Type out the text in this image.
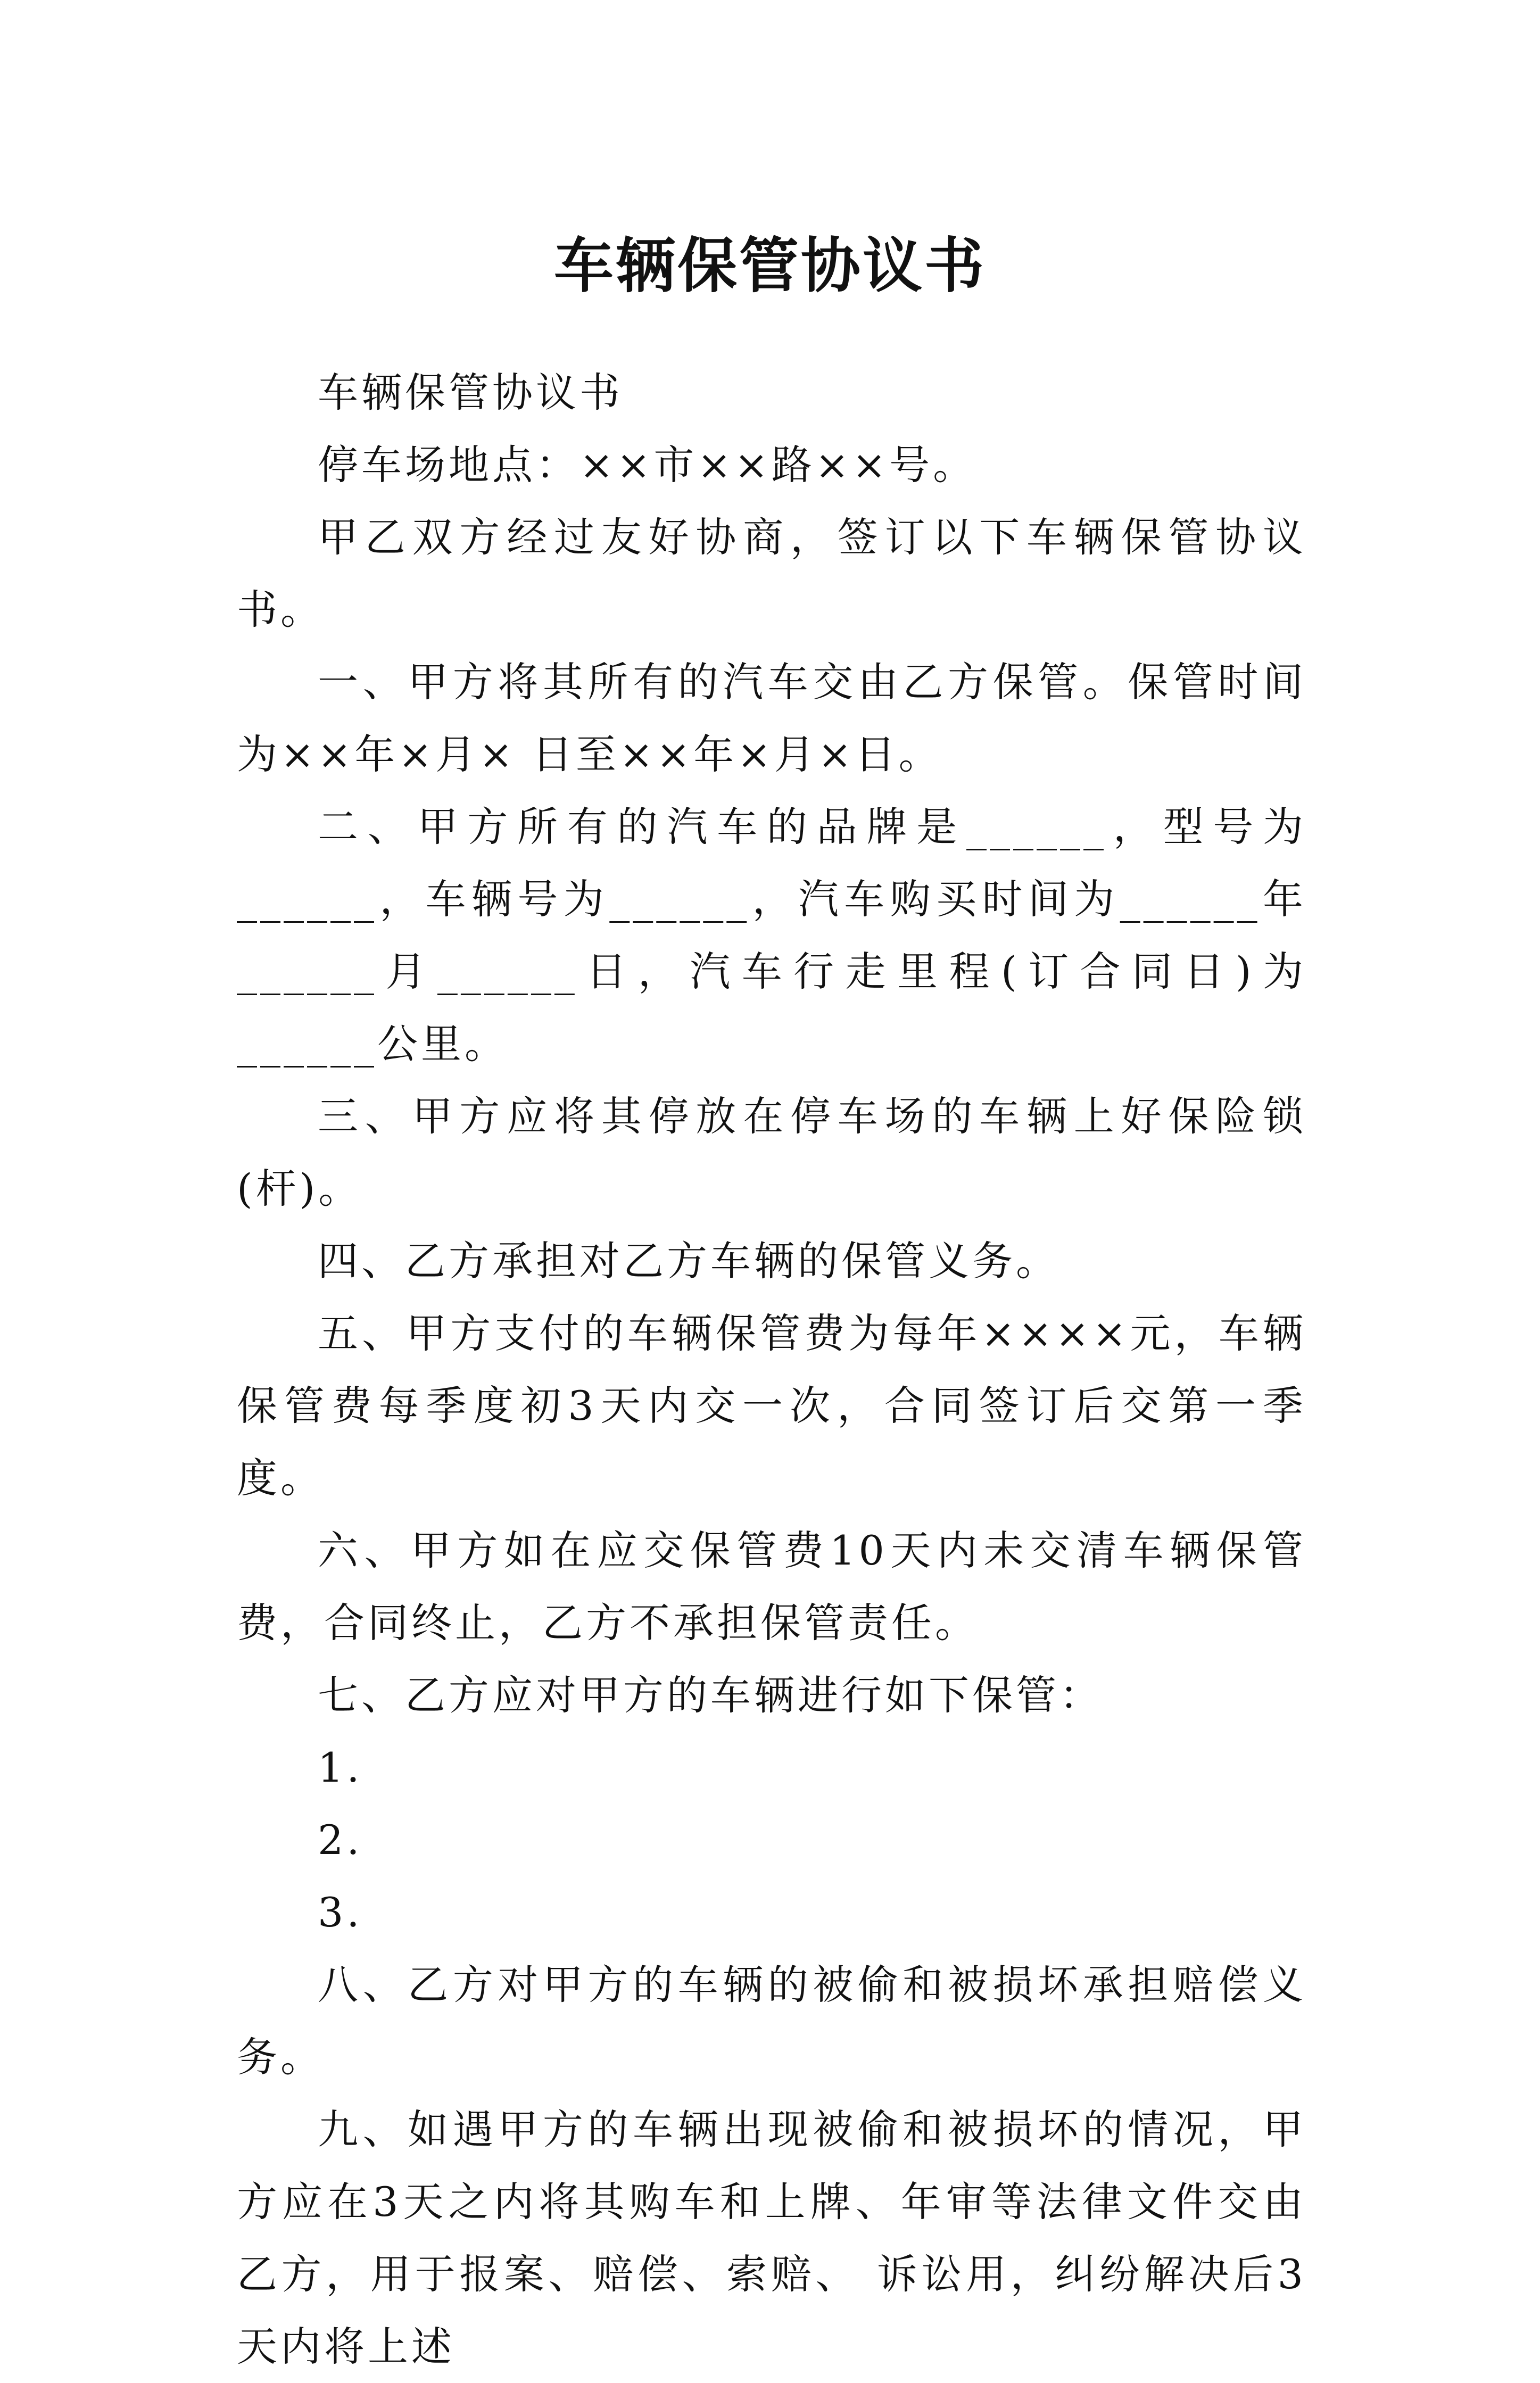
车辆保管协议书

车辆保管协议书

停车场地点：××市××路××号。

甲乙双方经过友好协商，签订以下车辆保管协议书。

一、甲方将其所有的汽车交由乙方保管。保管时间为××年×月× 日至××年×月×日。

二、甲方所有的汽车的品牌是______，型号为______，车辆号为______，汽车购买时间为______年______月______日，汽车行走里程(订合同日)为______公里。

三、甲方应将其停放在停车场的车辆上好保险锁(杆)。

四、乙方承担对乙方车辆的保管义务。

五、甲方支付的车辆保管费为每年××××元，车辆保管费每季度初3天内交一次，合同签订后交第一季度。

六、甲方如在应交保管费10天内未交清车辆保管费，合同终止，乙方不承担保管责任。

七、乙方应对甲方的车辆进行如下保管：

1.

2.

3.

八、乙方对甲方的车辆的被偷和被损坏承担赔偿义务。

九、如遇甲方的车辆出现被偷和被损坏的情况，甲方应在3天之内将其购车和上牌、年审等法律文件交由乙方，用于报案、赔偿、索赔、 诉讼用，纠纷解决后3天内将上述
